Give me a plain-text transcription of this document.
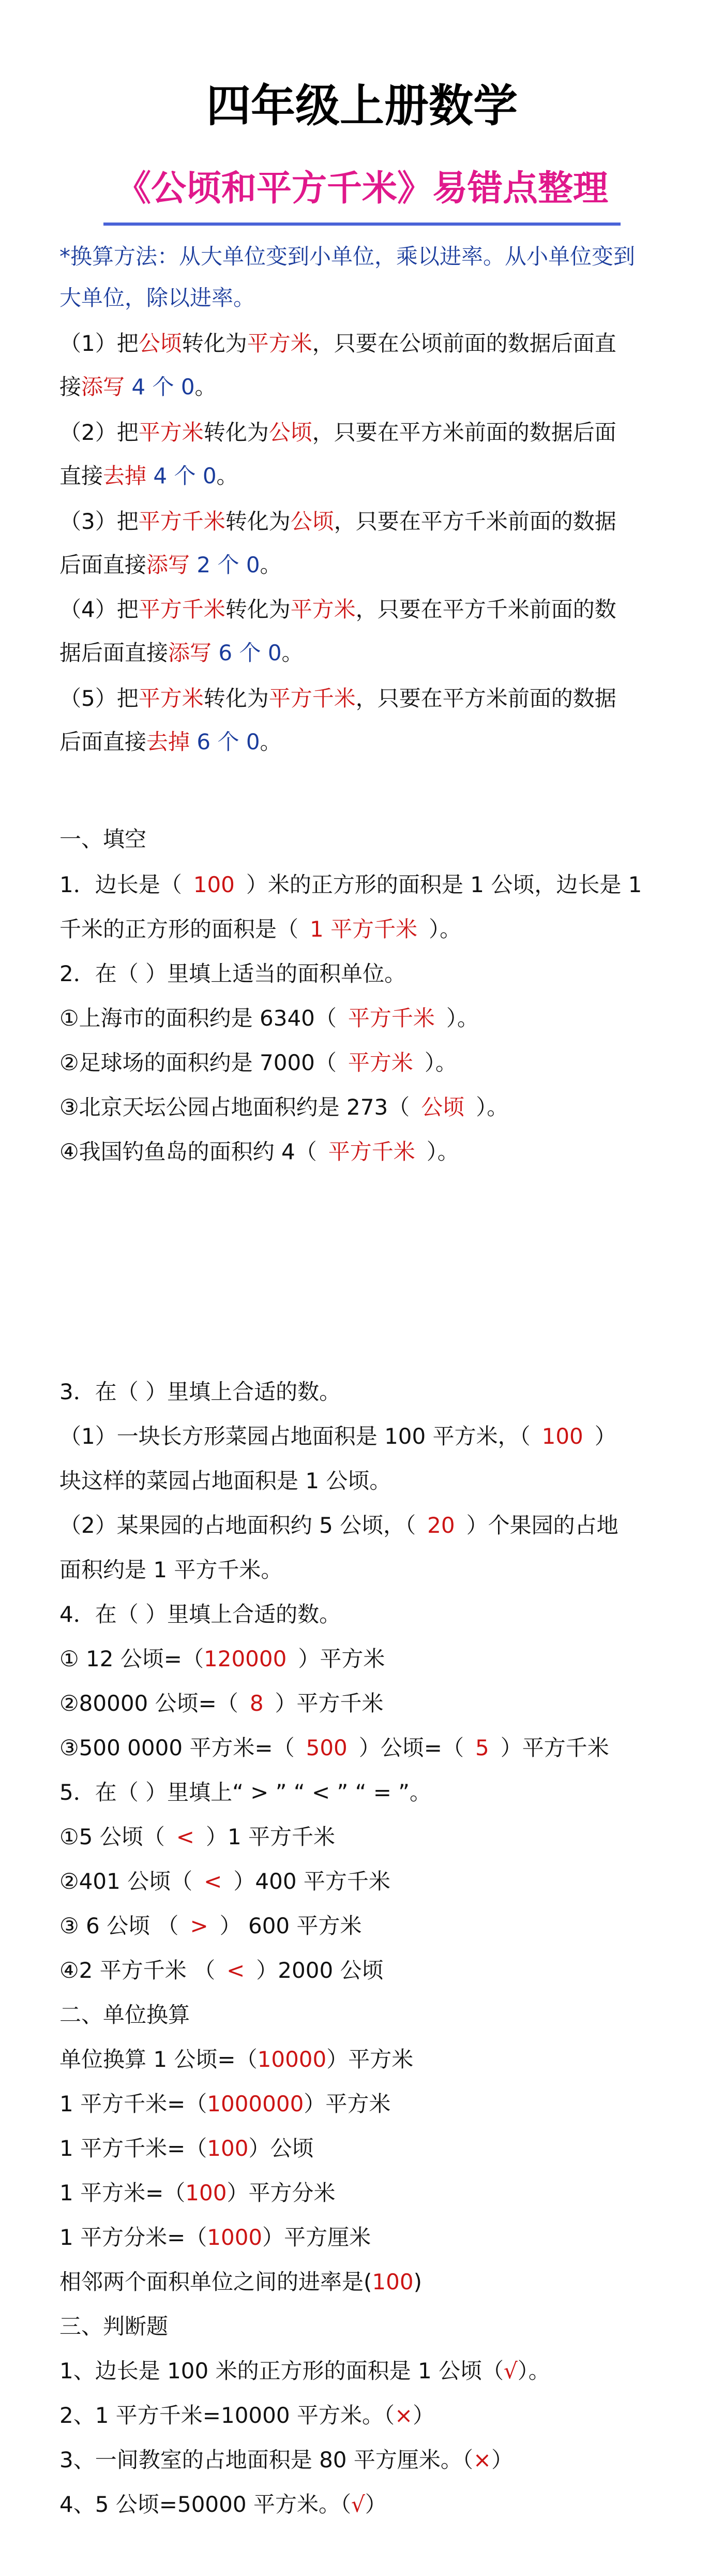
四年级上册数学
《公顷和平方千米》易错点整理
*换算方法：从大单位变到小单位，乘以进率。从小单位变到
大单位，除以进率。
（1）把公顷转化为平方米，只要在公顷前面的数据后面直
接添写 4 个 0。
（2）把平方米转化为公顷，只要在平方米前面的数据后面
直接去掉 4 个 0。
（3）把平方千米转化为公顷，只要在平方千米前面的数据
后面直接添写 2 个 0。
（4）把平方千米转化为平方米，只要在平方千米前面的数
据后面直接添写 6 个 0。
（5）把平方米转化为平方千米，只要在平方米前面的数据
后面直接去掉 6 个 0。
一、填空
1．边长是（ 100 ）米的正方形的面积是 1 公顷，边长是 1
千米的正方形的面积是（ 1 平方千米 ）。
2．在（ ）里填上适当的面积单位。
①上海市的面积约是 6340（ 平方千米 ）。
②足球场的面积约是 7000（ 平方米 ）。
③北京天坛公园占地面积约是 273（ 公顷 ）。
④我国钓鱼岛的面积约 4（ 平方千米 ）。
3．在（ ）里填上合适的数。
（1）一块长方形菜园占地面积是 100 平方米，（ 100 ）
块这样的菜园占地面积是 1 公顷。
（2）某果园的占地面积约 5 公顷，（ 20 ）个果园的占地
面积约是 1 平方千米。
4．在（ ）里填上合适的数。
① 12 公顷=（120000 ）平方米
②80000 公顷=（ 8 ）平方千米
③500 0000 平方米=（ 500 ）公顷=（ 5 ）平方千米
5．在（ ）里填上“ > ” “ < ” “ = ”。
①5 公顷（ < ）1 平方千米
②401 公顷（ < ）400 平方千米
③ 6 公顷 （ > ） 600 平方米
④2 平方千米 （ < ）2000 公顷
二、单位换算
单位换算 1 公顷=（10000）平方米
1 平方千米=（1000000）平方米
1 平方千米=（100）公顷
1 平方米=（100）平方分米
1 平方分米=（1000）平方厘米
相邻两个面积单位之间的进率是(100)
三、判断题
1、边长是 100 米的正方形的面积是 1 公顷（√）。
2、1 平方千米=10000 平方米。（×）
3、一间教室的占地面积是 80 平方厘米。（×）
4、5 公顷=50000 平方米。（√）
